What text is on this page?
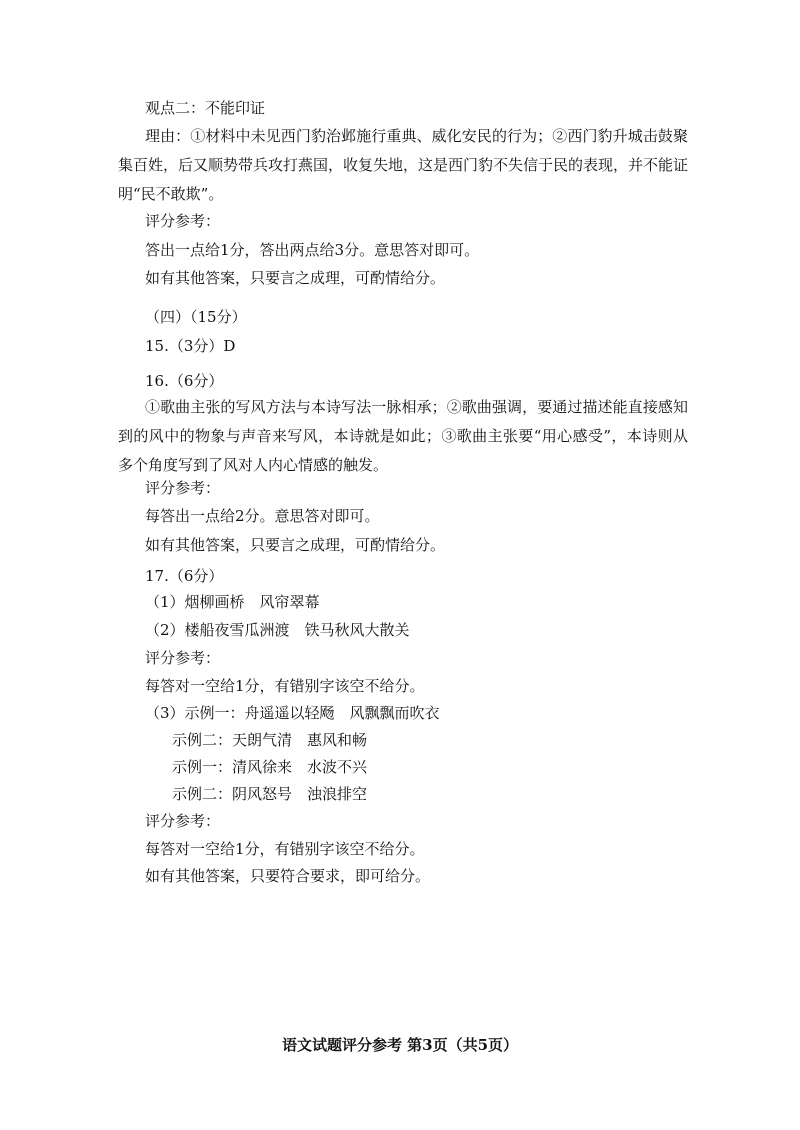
观点二：不能印证
理由：①材料中未见西门豹治邺施行重典、威化安民的行为；②西门豹升城击鼓聚集百姓，后又顺势带兵攻打燕国，收复失地，这是西门豹不失信于民的表现，并不能证明“民不敢欺”。
评分参考：
答出一点给1分，答出两点给3分。意思答对即可。
如有其他答案，只要言之成理，可酌情给分。
（四）（15分）
15.（3分）D
16.（6分）
①歌曲主张的写风方法与本诗写法一脉相承；②歌曲强调，要通过描述能直接感知到的风中的物象与声音来写风，本诗就是如此；③歌曲主张要“用心感受”，本诗则从多个角度写到了风对人内心情感的触发。
评分参考：
每答出一点给2分。意思答对即可。
如有其他答案，只要言之成理，可酌情给分。
17.（6分）
（1）烟柳画桥　风帘翠幕
（2）楼船夜雪瓜洲渡　铁马秋风大散关
评分参考：
每答对一空给1分，有错别字该空不给分。
（3）示例一：舟遥遥以轻飏　风飘飘而吹衣
示例二：天朗气清　惠风和畅
示例一：清风徐来　水波不兴
示例二：阴风怒号　浊浪排空
评分参考：
每答对一空给1分，有错别字该空不给分。
如有其他答案，只要符合要求，即可给分。
语文试题评分参考 第3页（共5页）
